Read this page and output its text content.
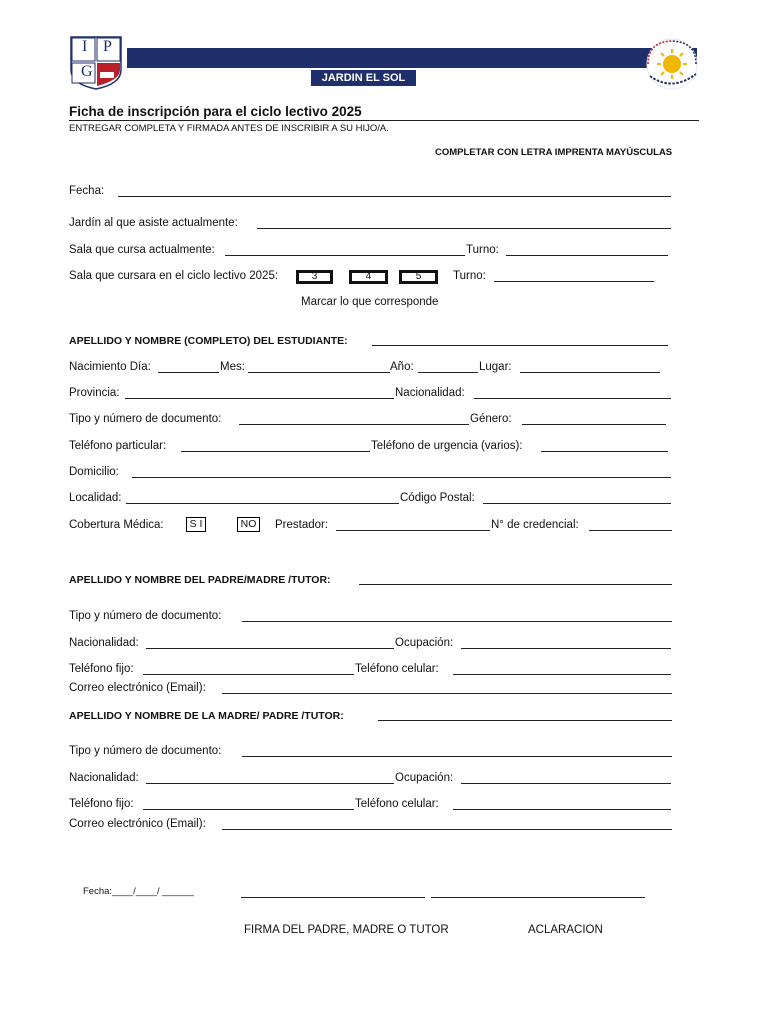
I P
G	JARDIN EL SOL
Ficha de inscripción para el ciclo lectivo 2025
ENTREGAR COMPLETA Y FIRMADA ANTES DE INSCRIBIR A SU HIJO/A.
COMPLETAR CON LETRA IMPRENTA MAYÚSCULAS
Fecha:
Jardín al que asiste actualmente:
Sala que cursa actualmente:	Turno:
Sala que cursara en el ciclo lectivo 2025:	3	4	5	Turno:
Marcar lo que corresponde
APELLIDO Y NOMBRE (COMPLETO) DEL ESTUDIANTE:
Nacimiento Día:	Mes:	Año:	Lugar:
Provincia:	Nacionalidad:
Tipo y número de documento:	Género:
Teléfono particular:	Teléfono de urgencia (varios):
Domicilio:
Localidad:	Código Postal:
Cobertura Médica:	S I	NO	Prestador:	N° de credencial:
APELLIDO Y NOMBRE DEL PADRE/MADRE /TUTOR:
Tipo y número de documento:
Nacionalidad:	Ocupación:
Teléfono fijo:	Teléfono celular:
Correo electrónico (Email):
APELLIDO Y NOMBRE DE LA MADRE/ PADRE /TUTOR:
Tipo y número de documento:
Nacionalidad:	Ocupación:
Teléfono fijo:	Teléfono celular:
Correo electrónico (Email):
Fecha:____/____/ ______
FIRMA DEL PADRE, MADRE O TUTOR	ACLARACION
